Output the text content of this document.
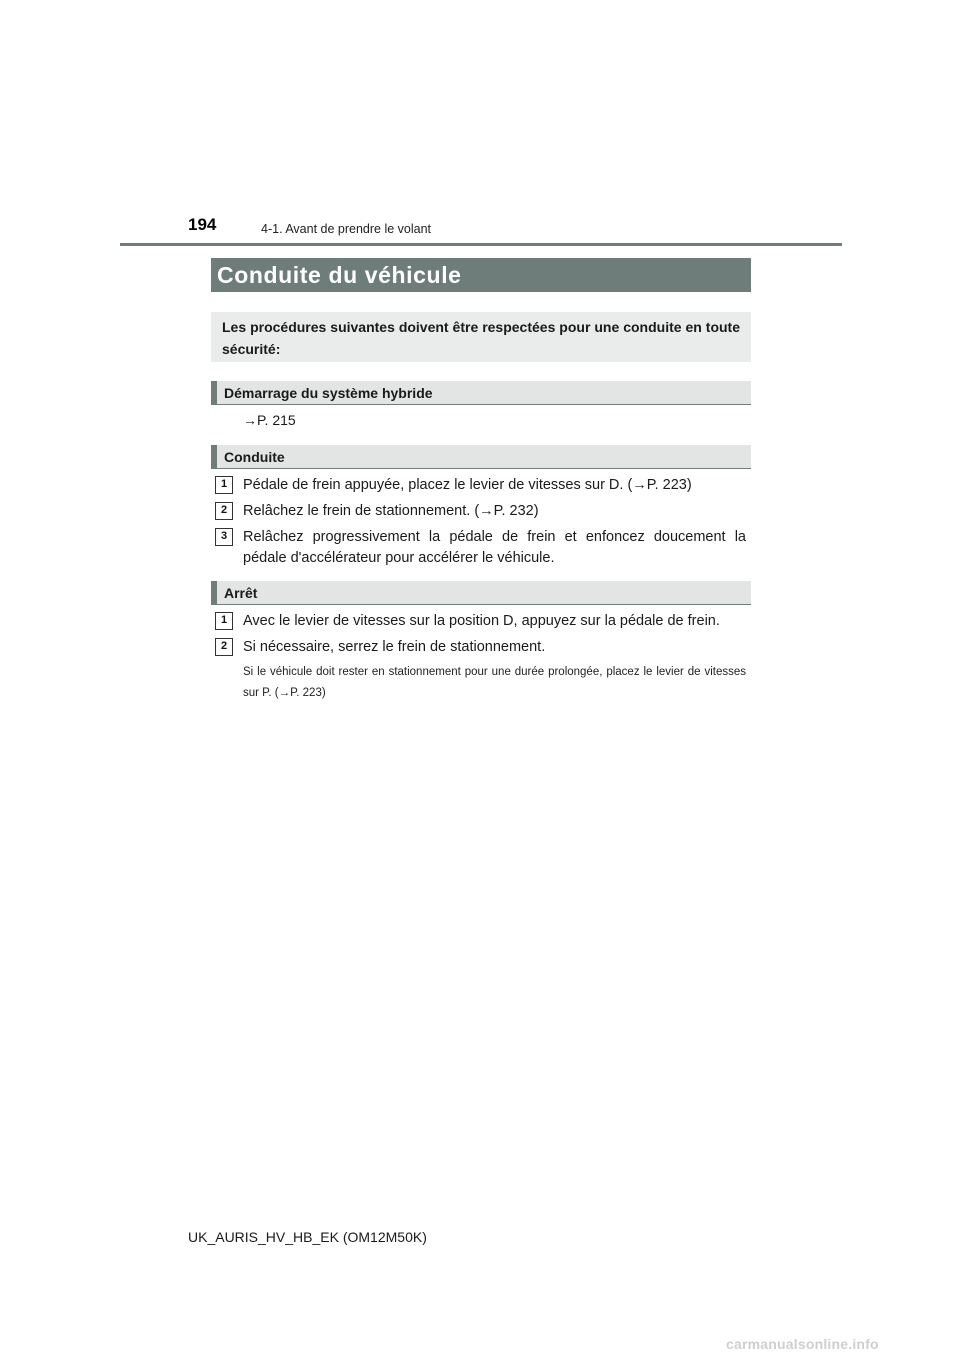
194	4-1. Avant de prendre le volant
Conduite du véhicule
Les procédures suivantes doivent être respectées pour une conduite en toute sécurité:
Démarrage du système hybride
→P. 215
Conduite
1	Pédale de frein appuyée, placez le levier de vitesses sur D. (→P. 223)
2	Relâchez le frein de stationnement. (→P. 232)
3	Relâchez progressivement la pédale de frein et enfoncez doucement la pédale d'accélérateur pour accélérer le véhicule.
Arrêt
1	Avec le levier de vitesses sur la position D, appuyez sur la pédale de frein.
2	Si nécessaire, serrez le frein de stationnement.
Si le véhicule doit rester en stationnement pour une durée prolongée, placez le levier de vitesses sur P. (→P. 223)
UK_AURIS_HV_HB_EK (OM12M50K)
carmanualsonline.info
